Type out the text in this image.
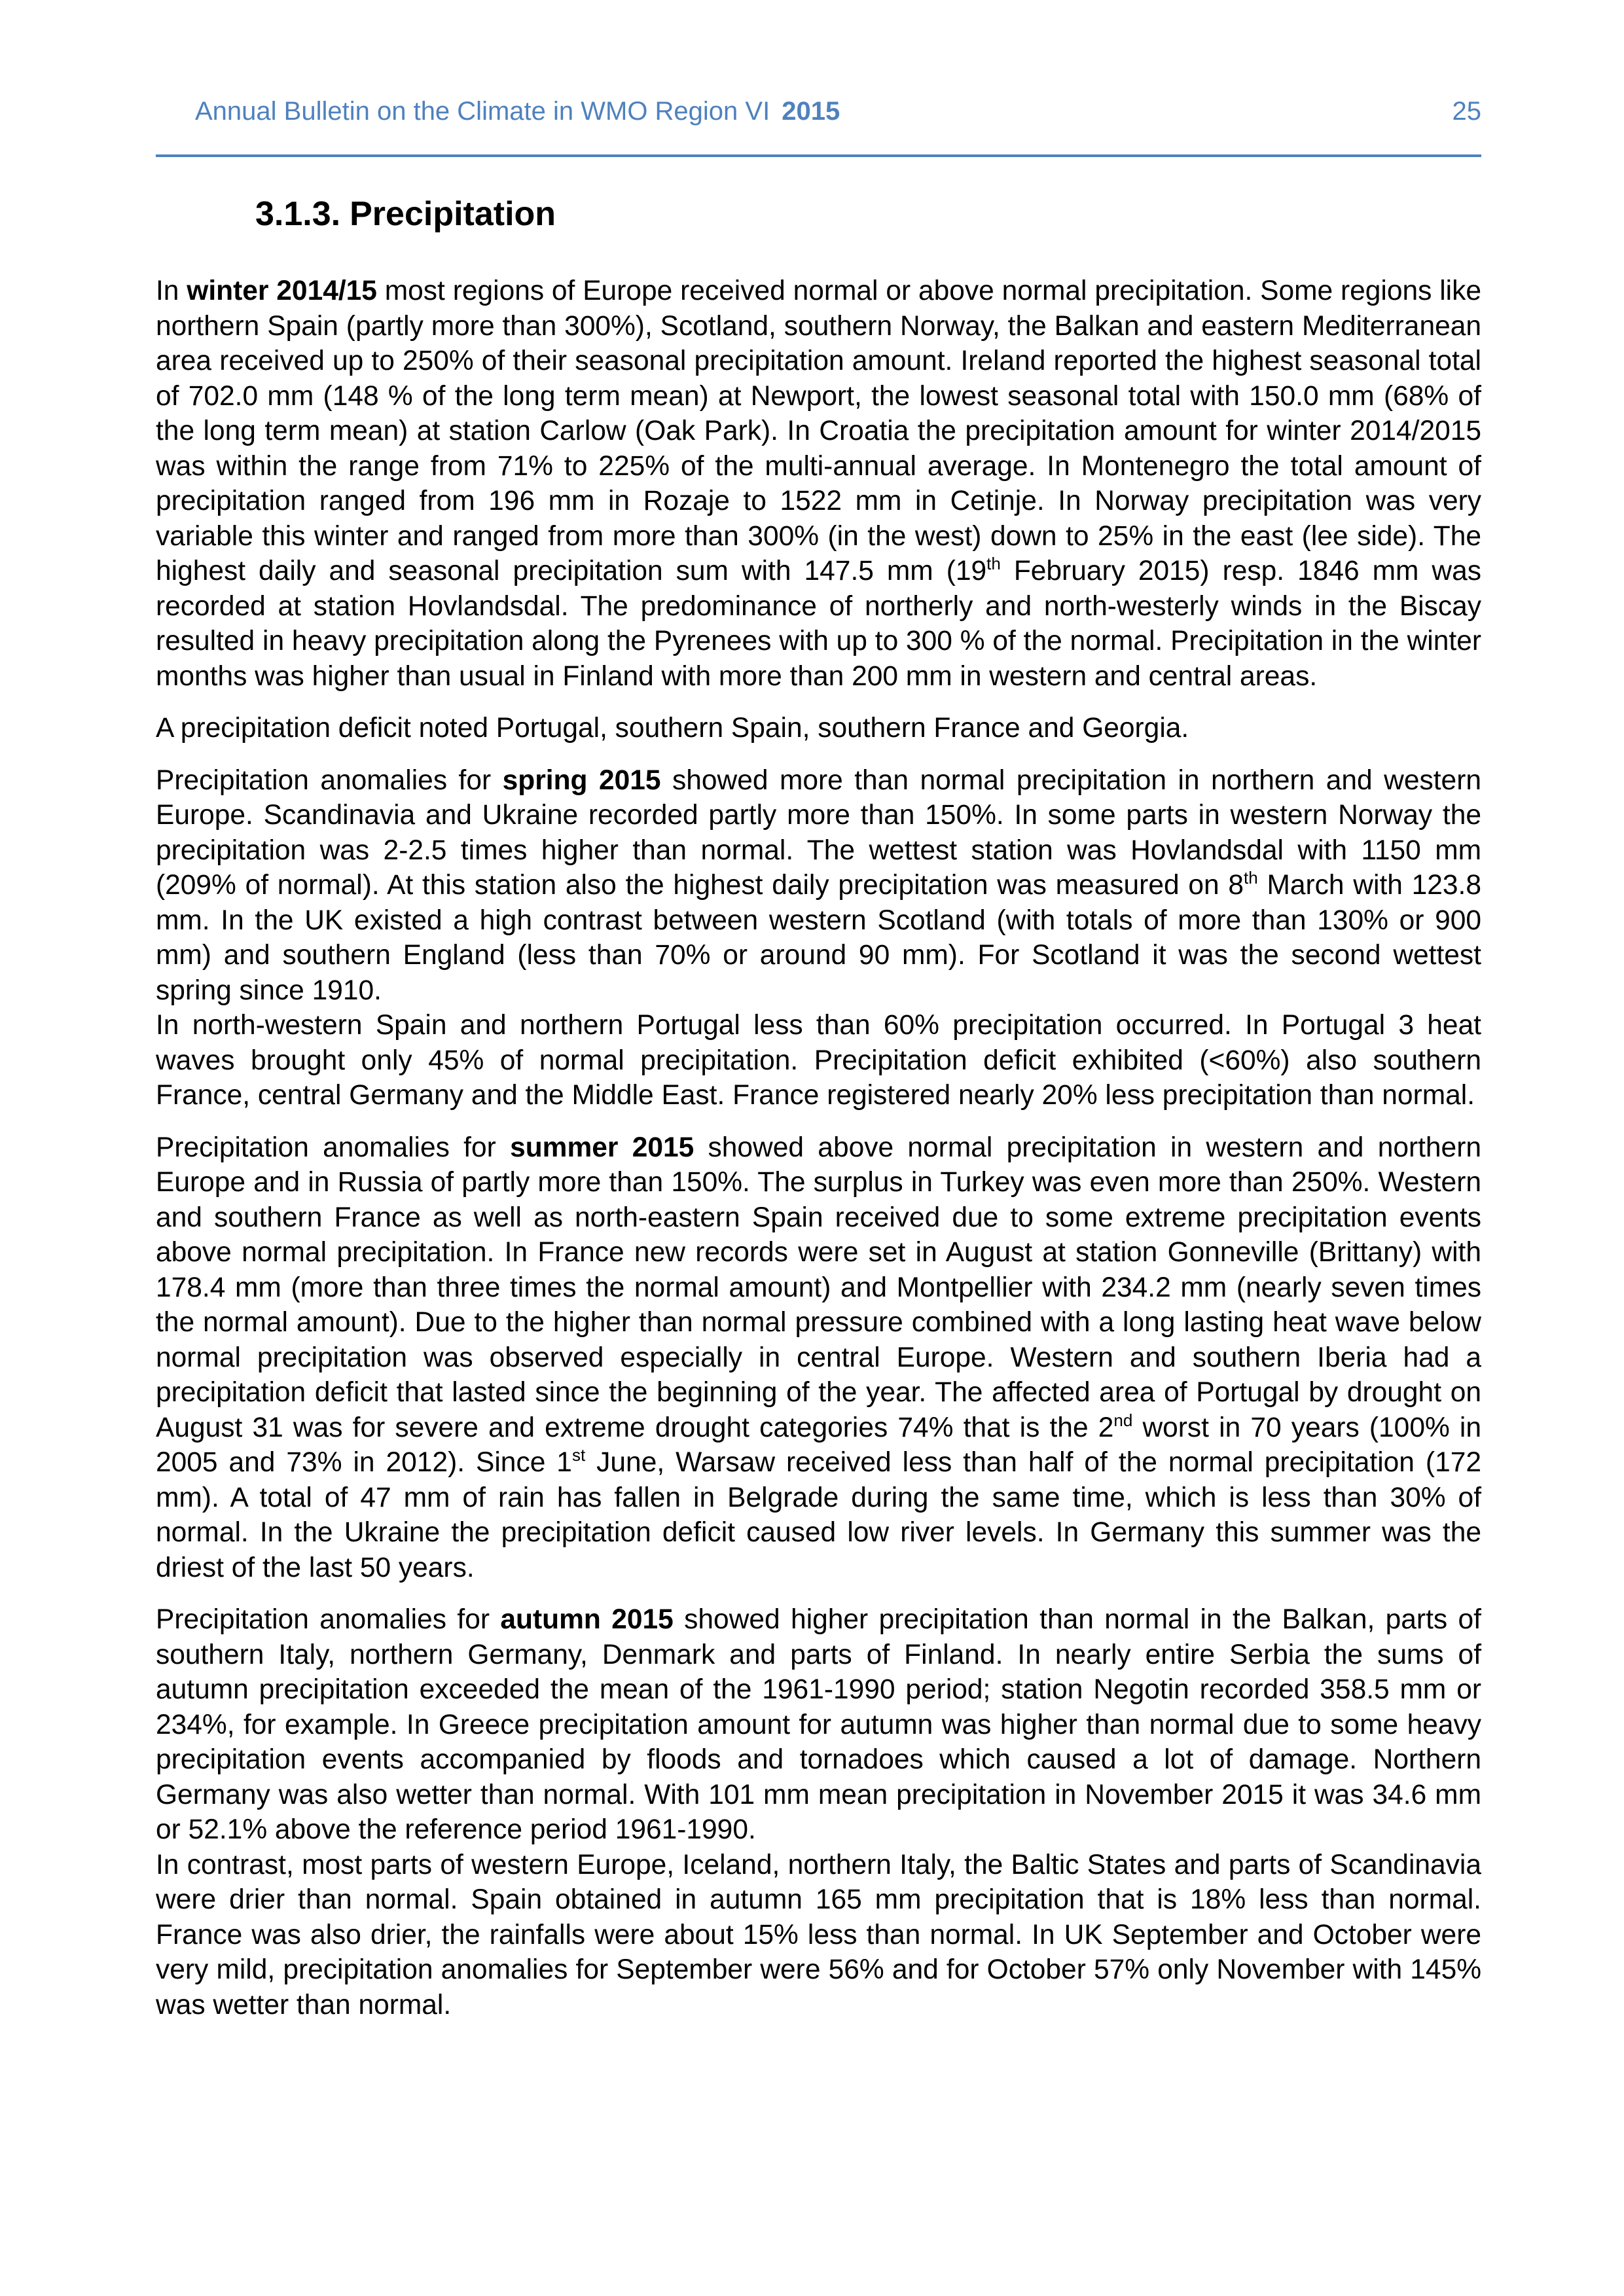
Annual Bulletin on the Climate in WMO Region VI 2015	25
3.1.3. Precipitation

In winter 2014/15 most regions of Europe received normal or above normal precipitation. Some regions like northern Spain (partly more than 300%), Scotland, southern Norway, the Balkan and eastern Mediterranean area received up to 250% of their seasonal precipitation amount. Ireland reported the highest seasonal total of 702.0 mm (148 % of the long term mean) at Newport, the lowest seasonal total with 150.0 mm (68% of the long term mean) at station Carlow (Oak Park). In Croatia the precipitation amount for winter 2014/2015 was within the range from 71% to 225% of the multi-annual average. In Montenegro the total amount of precipitation ranged from 196 mm in Rozaje to 1522 mm in Cetinje. In Norway precipitation was very variable this winter and ranged from more than 300% (in the west) down to 25% in the east (lee side). The highest daily and seasonal precipitation sum with 147.5 mm (19th February 2015) resp. 1846 mm was recorded at station Hovlandsdal. The predominance of northerly and north-westerly winds in the Biscay resulted in heavy precipitation along the Pyrenees with up to 300 % of the normal. Precipitation in the winter months was higher than usual in Finland with more than 200 mm in western and central areas.

A precipitation deficit noted Portugal, southern Spain, southern France and Georgia.

Precipitation anomalies for spring 2015 showed more than normal precipitation in northern and western Europe. Scandinavia and Ukraine recorded partly more than 150%. In some parts in western Norway the precipitation was 2-2.5 times higher than normal. The wettest station was Hovlandsdal with 1150 mm (209% of normal). At this station also the highest daily precipitation was measured on 8th March with 123.8 mm. In the UK existed a high contrast between western Scotland (with totals of more than 130% or 900 mm) and southern England (less than 70% or around 90 mm). For Scotland it was the second wettest spring since 1910.

In north-western Spain and northern Portugal less than 60% precipitation occurred. In Portugal 3 heat waves brought only 45% of normal precipitation. Precipitation deficit exhibited (<60%) also southern France, central Germany and the Middle East. France registered nearly 20% less precipitation than normal.

Precipitation anomalies for summer 2015 showed above normal precipitation in western and northern Europe and in Russia of partly more than 150%. The surplus in Turkey was even more than 250%. Western and southern France as well as north-eastern Spain received due to some extreme precipitation events above normal precipitation. In France new records were set in August at station Gonneville (Brittany) with 178.4 mm (more than three times the normal amount) and Montpellier with 234.2 mm (nearly seven times the normal amount). Due to the higher than normal pressure combined with a long lasting heat wave below normal precipitation was observed especially in central Europe. Western and southern Iberia had a precipitation deficit that lasted since the beginning of the year. The affected area of Portugal by drought on August 31 was for severe and extreme drought categories 74% that is the 2nd worst in 70 years (100% in 2005 and 73% in 2012). Since 1st June, Warsaw received less than half of the normal precipitation (172 mm). A total of 47 mm of rain has fallen in Belgrade during the same time, which is less than 30% of normal. In the Ukraine the precipitation deficit caused low river levels. In Germany this summer was the driest of the last 50 years.

Precipitation anomalies for autumn 2015 showed higher precipitation than normal in the Balkan, parts of southern Italy, northern Germany, Denmark and parts of Finland. In nearly entire Serbia the sums of autumn precipitation exceeded the mean of the 1961-1990 period; station Negotin recorded 358.5 mm or 234%, for example. In Greece precipitation amount for autumn was higher than normal due to some heavy precipitation events accompanied by floods and tornadoes which caused a lot of damage. Northern Germany was also wetter than normal. With 101 mm mean precipitation in November 2015 it was 34.6 mm or 52.1% above the reference period 1961-1990.

In contrast, most parts of western Europe, Iceland, northern Italy, the Baltic States and parts of Scandinavia were drier than normal. Spain obtained in autumn 165 mm precipitation that is 18% less than normal. France was also drier, the rainfalls were about 15% less than normal. In UK September and October were very mild, precipitation anomalies for September were 56% and for October 57% only November with 145% was wetter than normal.
